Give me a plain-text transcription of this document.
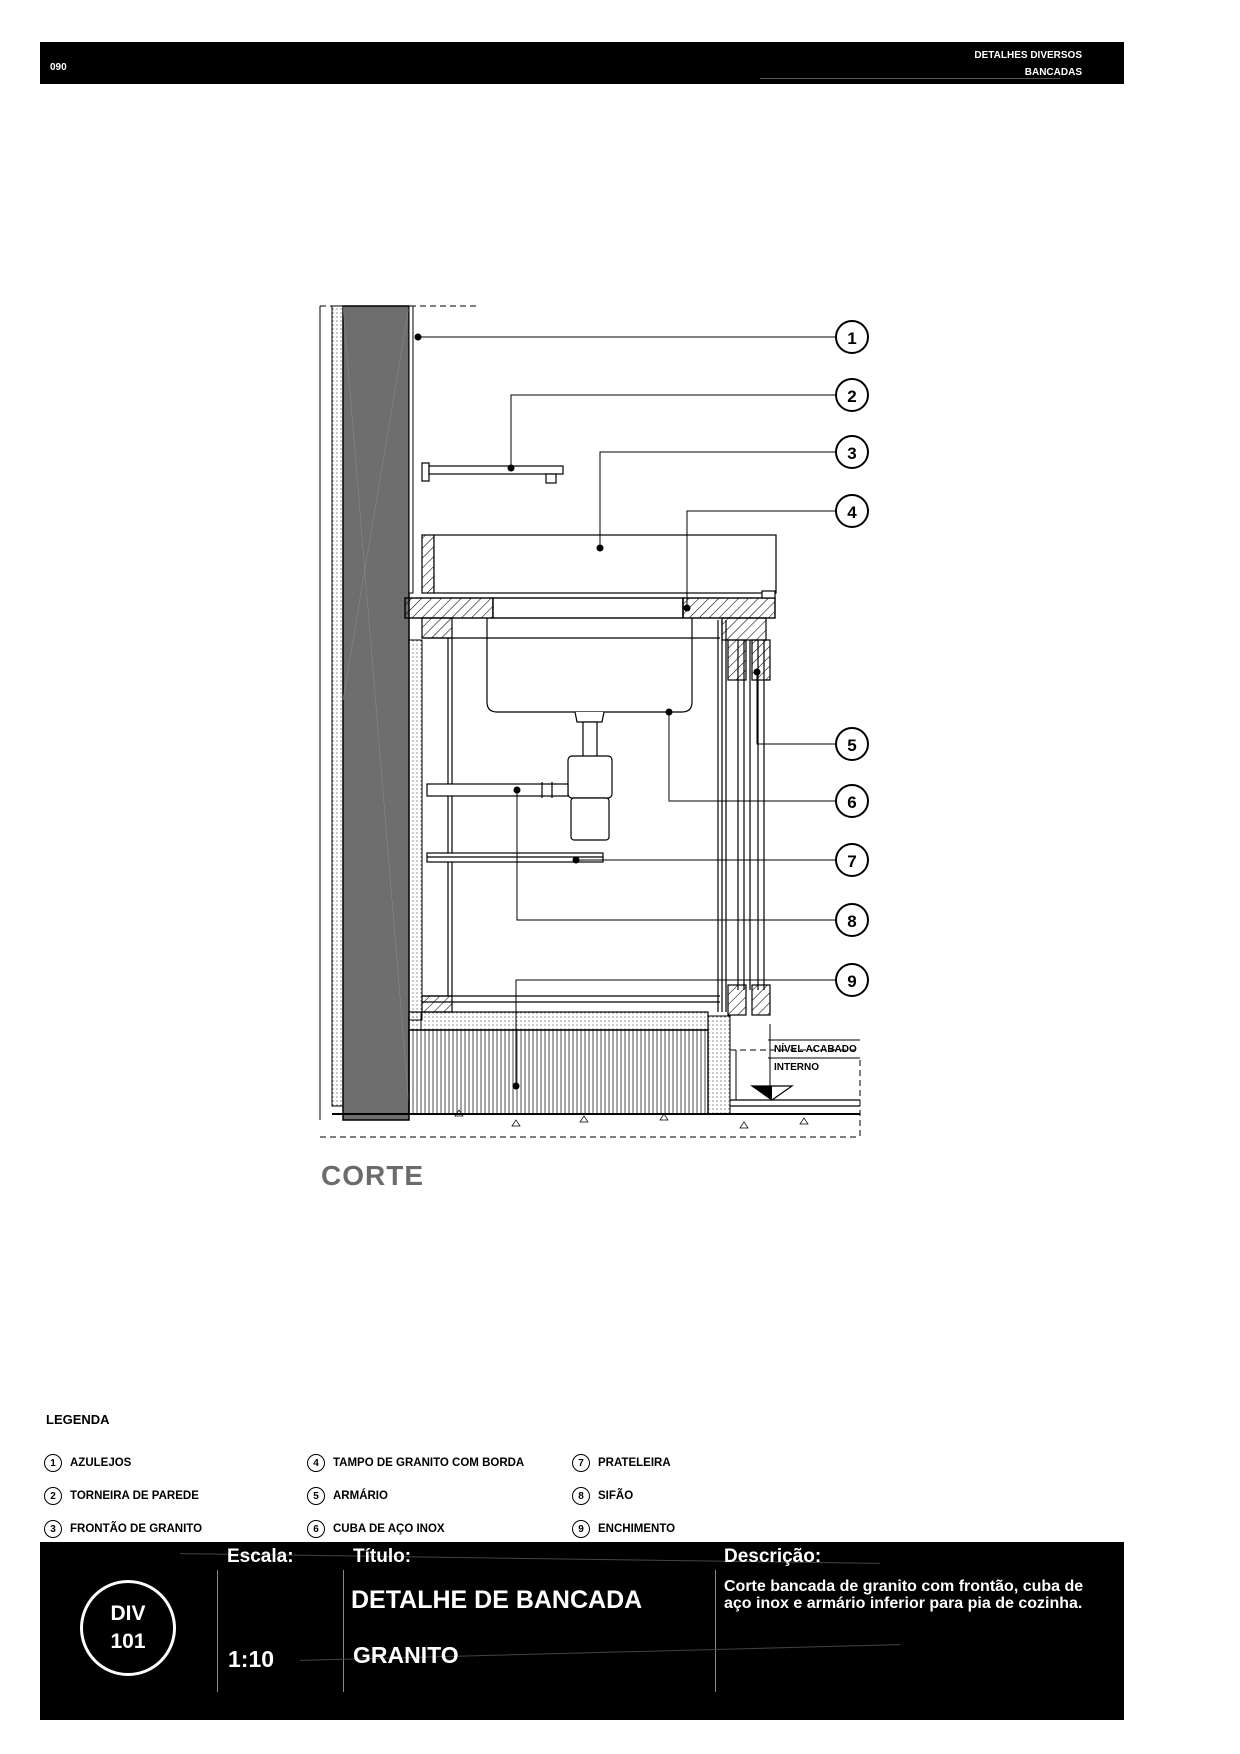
090
DETALHES DIVERSOS
BANCADAS
NÍVEL ACABADO
INTERNO
1
2
3
4
5
6
7
8
9
CORTE
LEGENDA
1	AZULEJOS
2	TORNEIRA DE PAREDE
3	FRONTÃO DE GRANITO
4	TAMPO DE GRANITO COM BORDA
5	ARMÁRIO
6	CUBA DE AÇO INOX
7	PRATELEIRA
8	SIFÃO
9	ENCHIMENTO
DIV
101
Escala:	Título:	Descrição:
1:10
DETALHE DE BANCADA
GRANITO
Corte bancada de granito com frontão, cuba de aço inox e armário inferior para pia de cozinha.
